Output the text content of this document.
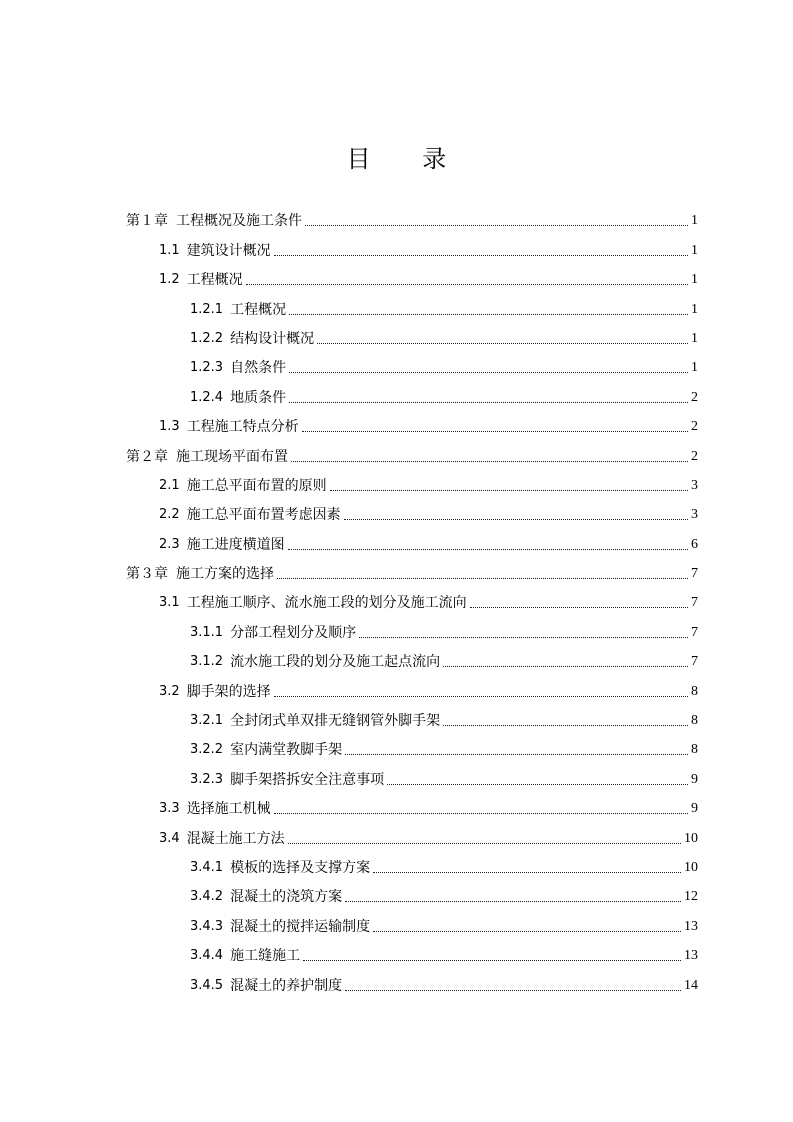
目 录
第１章 工程概况及施工条件	1
1.1 建筑设计概况	1
1.2 工程概况	1
1.2.1 工程概况	1
1.2.2 结构设计概况	1
1.2.3 自然条件	1
1.2.4 地质条件	2
1.3 工程施工特点分析	2
第２章 施工现场平面布置	2
2.1 施工总平面布置的原则	3
2.2 施工总平面布置考虑因素	3
2.3 施工进度横道图	6
第３章 施工方案的选择	7
3.1 工程施工顺序、流水施工段的划分及施工流向	7
3.1.1 分部工程划分及顺序	7
3.1.2 流水施工段的划分及施工起点流向	7
3.2 脚手架的选择	8
3.2.1 全封闭式单双排无缝钢管外脚手架	8
3.2.2 室内满堂教脚手架	8
3.2.3 脚手架搭拆安全注意事项	9
3.3 选择施工机械	9
3.4 混凝土施工方法	10
3.4.1 模板的选择及支撑方案	10
3.4.2 混凝土的浇筑方案	12
3.4.3 混凝土的搅拌运输制度	13
3.4.4 施工缝施工	13
3.4.5 混凝土的养护制度	14
